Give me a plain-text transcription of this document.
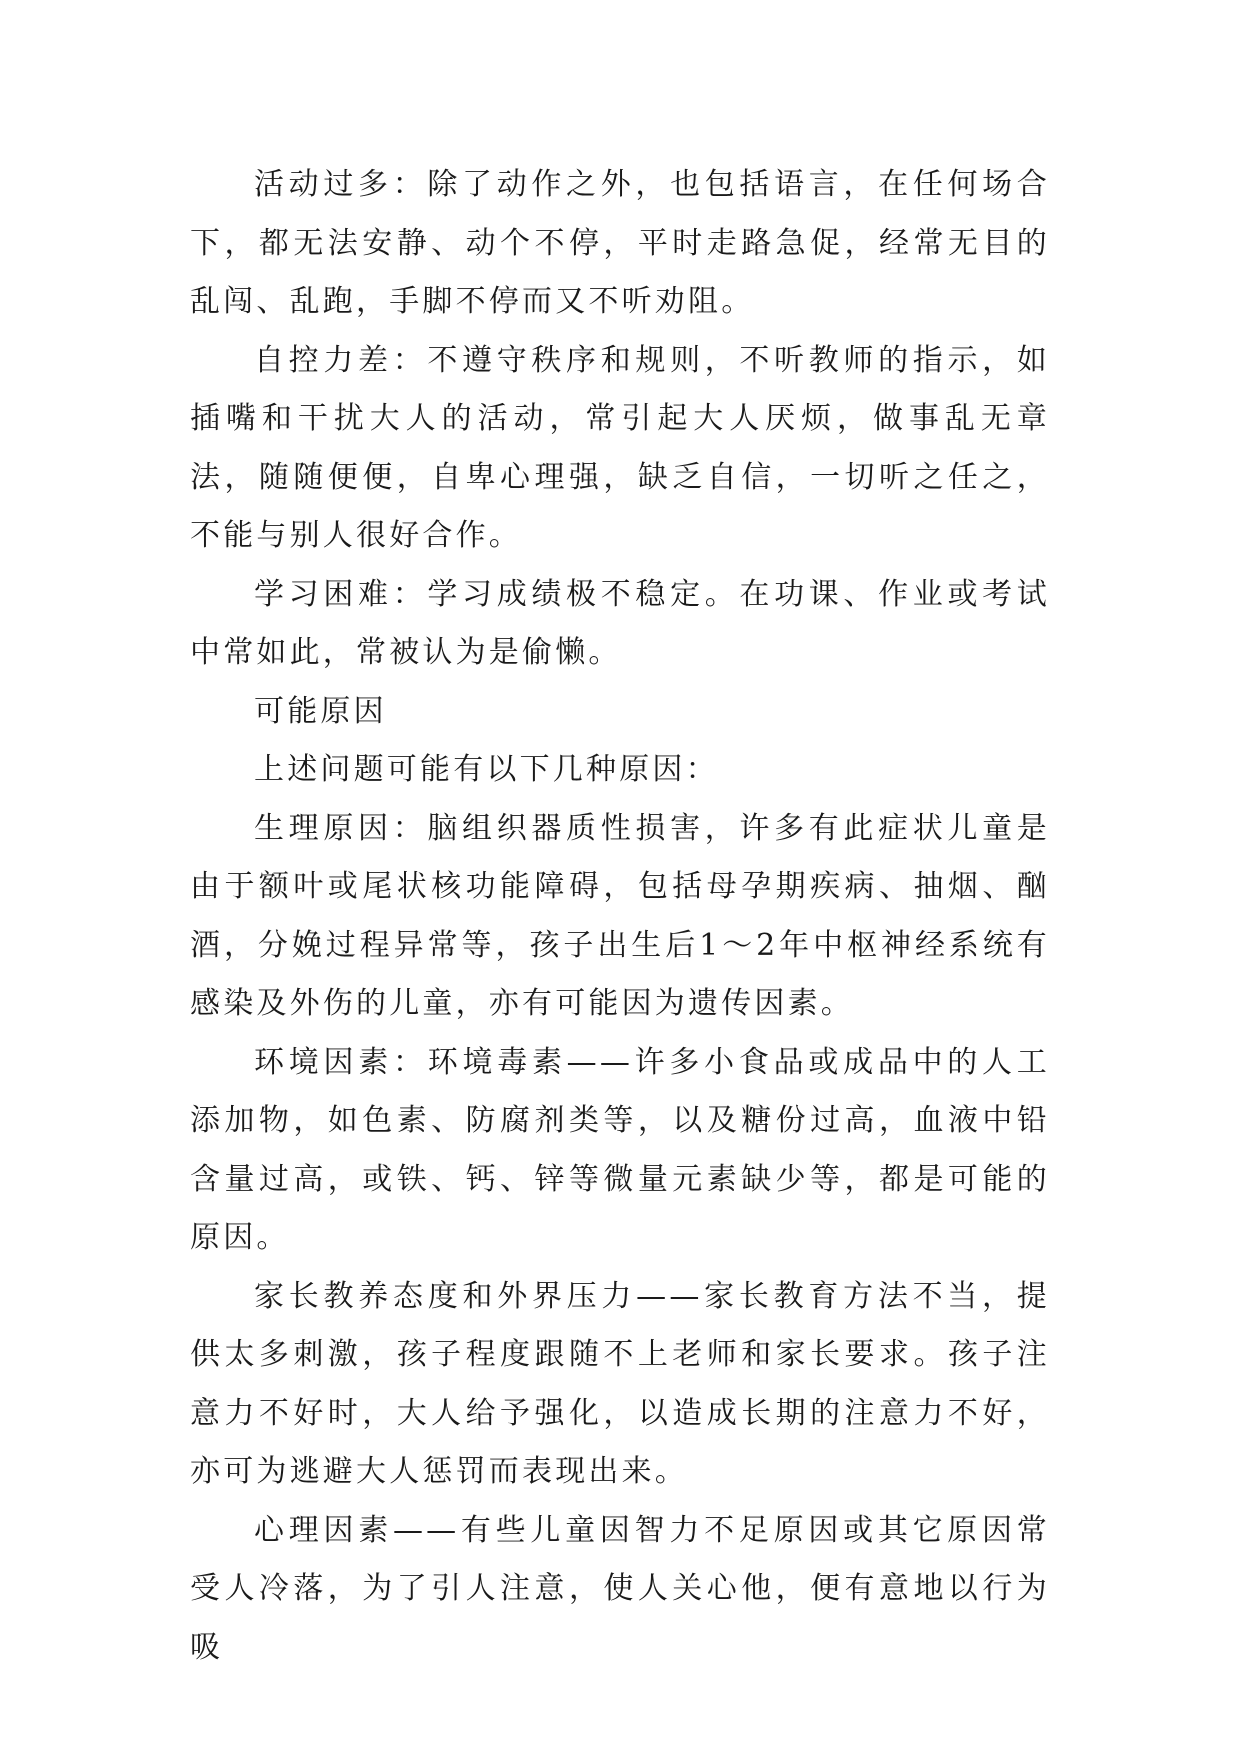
活动过多：除了动作之外，也包括语言，在任何场合下，都无法安静、动个不停，平时走路急促，经常无目的乱闯、乱跑，手脚不停而又不听劝阻。

自控力差：不遵守秩序和规则，不听教师的指示，如插嘴和干扰大人的活动，常引起大人厌烦，做事乱无章法，随随便便，自卑心理强，缺乏自信，一切听之任之，不能与别人很好合作。

学习困难：学习成绩极不稳定。在功课、作业或考试中常如此，常被认为是偷懒。

可能原因

上述问题可能有以下几种原因：

生理原因：脑组织器质性损害，许多有此症状儿童是由于额叶或尾状核功能障碍，包括母孕期疾病、抽烟、酗酒，分娩过程异常等，孩子出生后1～2年中枢神经系统有感染及外伤的儿童，亦有可能因为遗传因素。

环境因素：环境毒素——许多小食品或成品中的人工添加物，如色素、防腐剂类等，以及糖份过高，血液中铅含量过高，或铁、钙、锌等微量元素缺少等，都是可能的原因。

家长教养态度和外界压力——家长教育方法不当，提供太多刺激，孩子程度跟随不上老师和家长要求。孩子注意力不好时，大人给予强化，以造成长期的注意力不好，亦可为逃避大人惩罚而表现出来。

心理因素——有些儿童因智力不足原因或其它原因常受人冷落，为了引人注意，使人关心他，便有意地以行为吸
